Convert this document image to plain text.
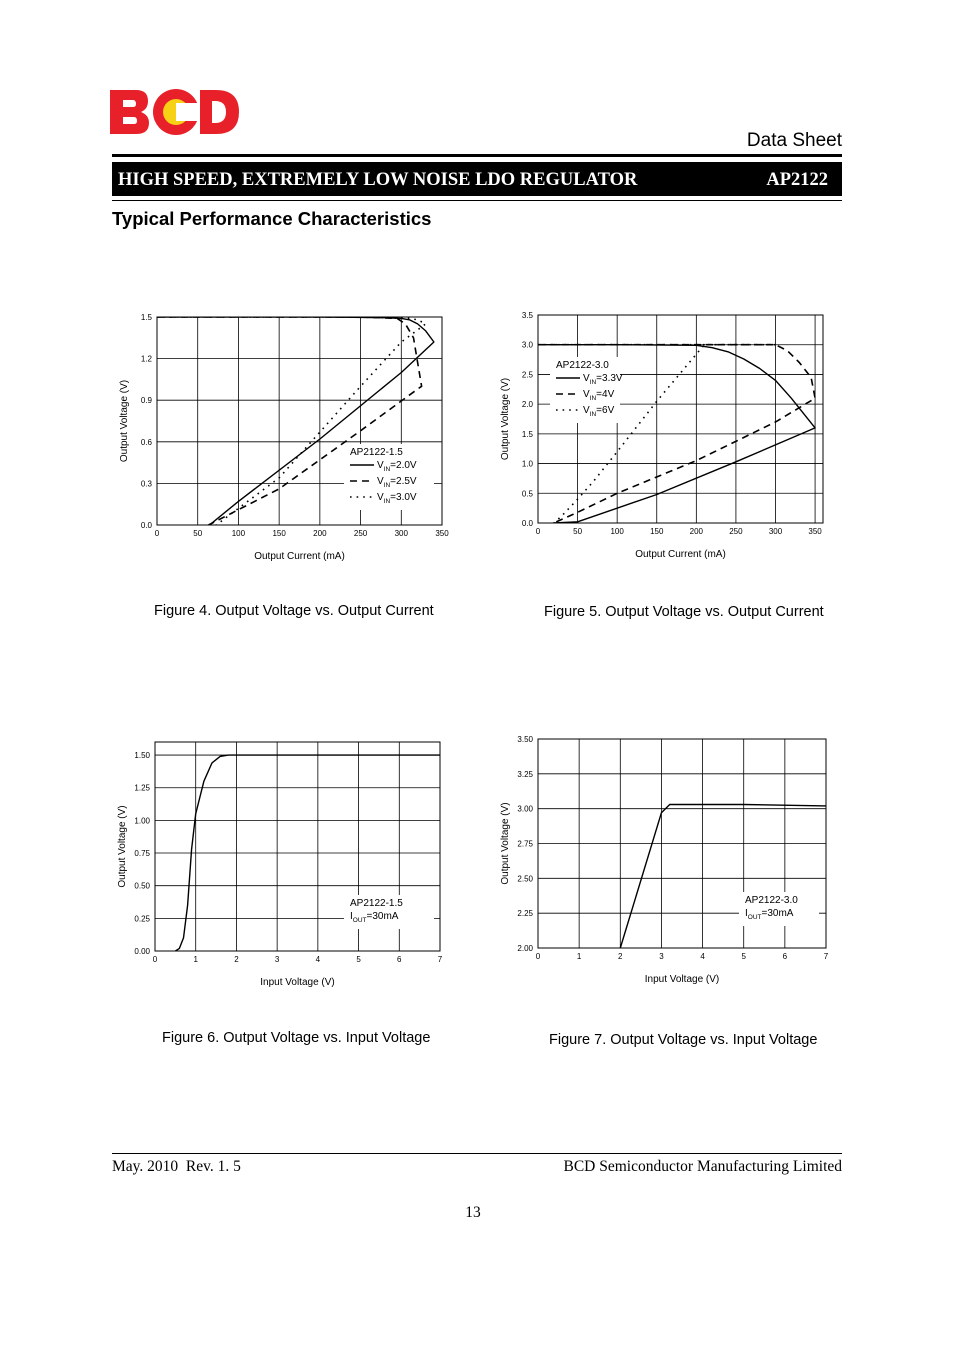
Data Sheet
HIGH SPEED, EXTREMELY LOW NOISE LDO REGULATOR	AP2122
Typical Performance Characteristics
0	50	100	150	200	250	300	350
0.0
0.3
0.6
0.9
1.2
1.5
AP2122-1.5
$V_{IN}=2.0V$
$V_{IN}=2.5V$
$V_{IN}=3.0V$
Output Current (mA)
Output Voltage (V)
0	50	100	150	200	250	300	350
0.0
0.5
1.0
1.5
2.0
2.5
3.0
3.5
AP2122-3.0
$V_{IN}=3.3V$
$V_{IN}=4V$
$V_{IN}=6V$
Output Current (mA)
Output Voltage (V)
0	1	2	3	4	5	6	7
0.00
0.25
0.50
0.75
1.00
1.25
1.50
AP2122-1.5
$I_{OUT}=30mA$
Input Voltage (V)
Output Voltage (V)
0	1	2	3	4	5	6	7
2.00
2.25
2.50
2.75
3.00
3.25
3.50
AP2122-3.0
$I_{OUT}=30mA$
Input Voltage (V)
Output Voltage (V)
Figure 4. Output Voltage vs. Output Current	Figure 5. Output Voltage vs. Output Current
Figure 6. Output Voltage vs. Input Voltage	Figure 7. Output Voltage vs. Input Voltage
May. 2010  Rev. 1. 5	BCD Semiconductor Manufacturing Limited
13
